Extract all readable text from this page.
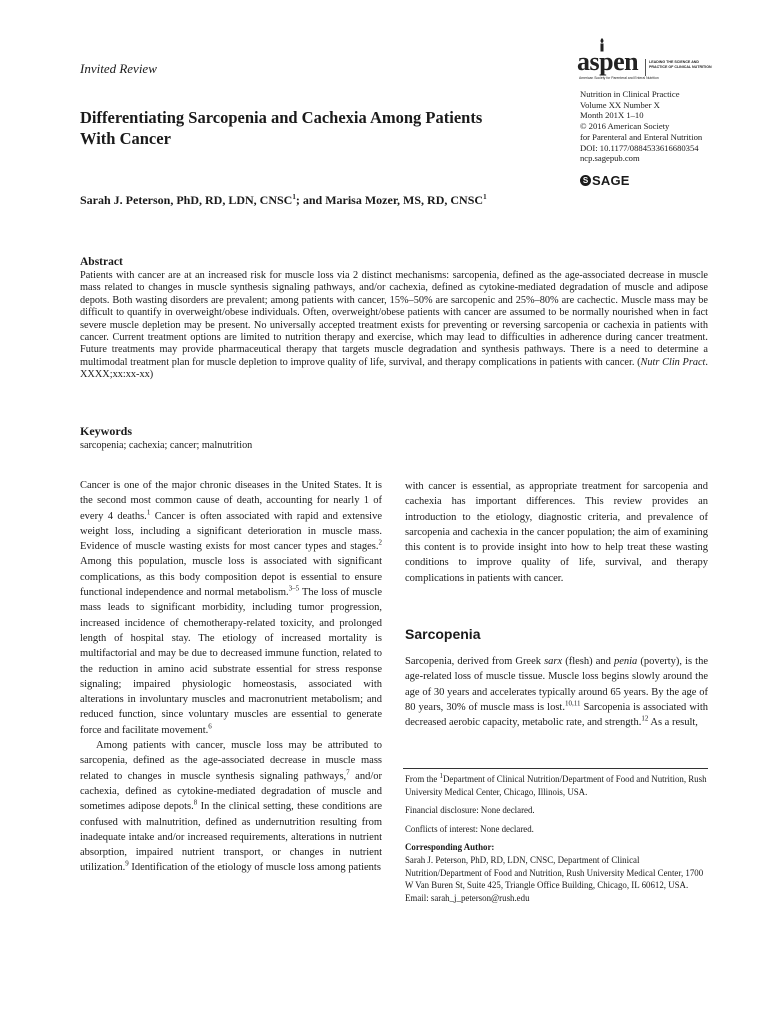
Invited Review
Differentiating Sarcopenia and Cachexia Among Patients With Cancer
Sarah J. Peterson, PhD, RD, LDN, CNSC$^1$; and Marisa Mozer, MS, RD, CNSC$^1$
aspen	LEADING THE SCIENCE AND
PRACTICE OF CLINICAL NUTRITION
American Society for Parenteral and Enteral Nutrition
Nutrition in Clinical Practice
Volume XX Number X
Month 201X 1–10
© 2016 American Society
for Parenteral and Enteral Nutrition
DOI: 10.1177/0884533616680354
ncp.sagepub.com
S SAGE
Abstract
Patients with cancer are at an increased risk for muscle loss via 2 distinct mechanisms: sarcopenia, defined as the age-associated decrease in muscle mass related to changes in muscle synthesis signaling pathways, and/or cachexia, defined as cytokine-mediated degradation of muscle and adipose depots. Both wasting disorders are prevalent; among patients with cancer, 15%–50% are sarcopenic and 25%–80% are cachectic. Muscle mass may be difficult to quantify in overweight/obese individuals. Often, overweight/obese patients with cancer are assumed to be normally nourished when in fact severe muscle depletion may be present. No universally accepted treatment exists for preventing or reversing sarcopenia or cachexia in patients with cancer. Current treatment options are limited to nutrition therapy and exercise, which may lead to difficulties in adherence during cancer treatment. Future treatments may provide pharmaceutical therapy that targets muscle degradation and synthesis pathways. There is a need to determine a multimodal treatment plan for muscle depletion to improve quality of life, survival, and therapy complications in patients with cancer. (Nutr Clin Pract. XXXX;xx:xx-xx)
Keywords
sarcopenia; cachexia; cancer; malnutrition

Cancer is one of the major chronic diseases in the United States. It is the second most common cause of death, accounting for nearly 1 of every 4 deaths.$^1$ Cancer is often associated with rapid and extensive weight loss, including a significant deterioration in muscle mass. Evidence of muscle wasting exists for most cancer types and stages.$^2$ Among this population, muscle loss is associated with significant complications, as this body composition depot is essential to ensure functional independence and normal metabolism.$^{3-5}$ The loss of muscle mass leads to significant morbidity, including tumor progression, increased incidence of chemotherapy-related toxicity, and prolonged length of hospital stay. The etiology of increased mortality is multifactorial and may be due to decreased immune function, related to the reduction in amino acid substrate essential for stress response signaling; impaired physiologic homeostasis, associated with alterations in involuntary muscles and macronutrient metabolism; and reduced function, since voluntary muscles are essential to generate force and facilitate movement.$^6$

Among patients with cancer, muscle loss may be attributed to sarcopenia, defined as the age-associated decrease in muscle mass related to changes in muscle synthesis signaling pathways,$^7$ and/or cachexia, defined as cytokine-mediated degradation of muscle and sometimes adipose depots.$^8$ In the clinical setting, these conditions are confused with malnutrition, defined as undernutrition resulting from inadequate intake and/or increased requirements, alterations in nutrient absorption, impaired nutrient transport, or changes in nutrient utilization.$^9$ Identification of the etiology of muscle loss among patients

with cancer is essential, as appropriate treatment for sarcopenia and cachexia has important differences. This review provides an introduction to the etiology, diagnostic criteria, and prevalence of sarcopenia and cachexia in the cancer population; the aim of examining this content is to provide insight into how to help treat these wasting conditions to improve quality of life, survival, and therapy complications in patients with cancer.

Sarcopenia

Sarcopenia, derived from Greek sarx (flesh) and penia (poverty), is the age-related loss of muscle tissue. Muscle loss begins slowly around the age of 30 years and accelerates typically around 65 years. By the age of 80 years, 30% of muscle mass is lost.$^{10,11}$ Sarcopenia is associated with decreased aerobic capacity, metabolic rate, and strength.$^{12}$ As a result,

From the $^1$Department of Clinical Nutrition/Department of Food and Nutrition, Rush University Medical Center, Chicago, Illinois, USA.

Financial disclosure: None declared.

Conflicts of interest: None declared.

Corresponding Author:

Sarah J. Peterson, PhD, RD, LDN, CNSC, Department of Clinical Nutrition/Department of Food and Nutrition, Rush University Medical Center, 1700 W Van Buren St, Suite 425, Triangle Office Building, Chicago, IL 60612, USA.

Email: sarah_j_peterson@rush.edu
